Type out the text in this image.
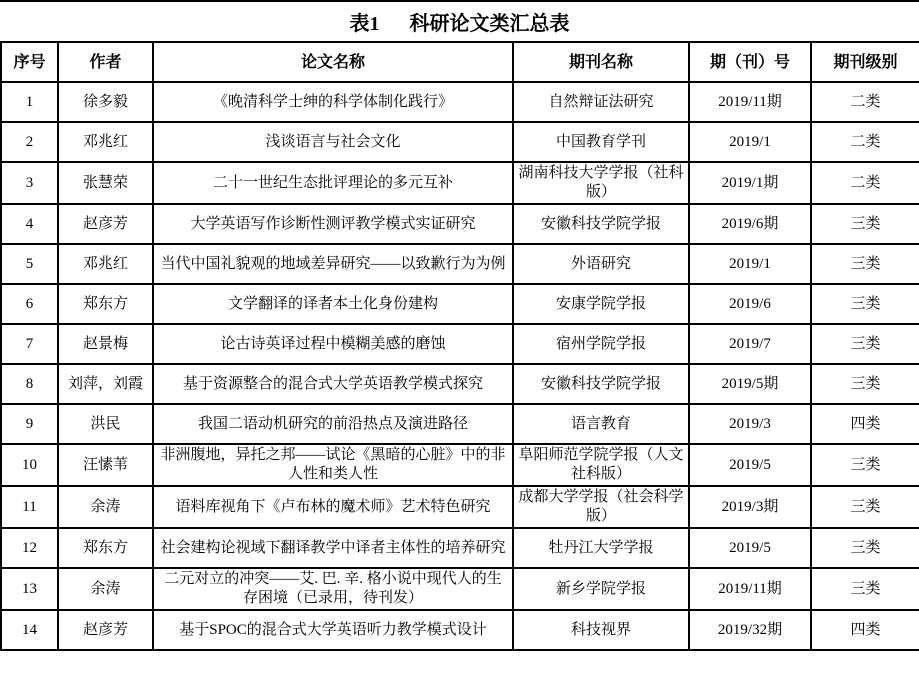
表1 科研论文类汇总表
序号	作者	论文名称	期刊名称	期（刊）号	期刊级别
1	徐多毅	《晚清科学士绅的科学体制化践行》	自然辩证法研究	2019/11期	二类
2	邓兆红	浅谈语言与社会文化	中国教育学刊	2019/1	二类
3	张慧荣	二十一世纪生态批评理论的多元互补	湖南科技大学学报（社科版）	2019/1期	二类
4	赵彦芳	大学英语写作诊断性测评教学模式实证研究	安徽科技学院学报	2019/6期	三类
5	邓兆红	当代中国礼貌观的地域差异研究——以致歉行为为例	外语研究	2019/1	三类
6	郑东方	文学翻译的译者本土化身份建构	安康学院学报	2019/6	三类
7	赵景梅	论古诗英译过程中模糊美感的磨蚀	宿州学院学报	2019/7	三类
8	刘萍，刘霞	基于资源整合的混合式大学英语教学模式探究	安徽科技学院学报	2019/5期	三类
9	洪民	我国二语动机研究的前沿热点及演进路径	语言教育	2019/3	四类
10	汪愫苇	非洲腹地，异托之邦——试论《黑暗的心脏》中的非人性和类人性	阜阳师范学院学报（人文社科版）	2019/5	三类
11	余涛	语料库视角下《卢布林的魔术师》艺术特色研究	成都大学学报（社会科学版）	2019/3期	三类
12	郑东方	社会建构论视域下翻译教学中译者主体性的培养研究	牡丹江大学学报	2019/5	三类
13	余涛	二元对立的冲突——艾. 巴. 辛. 格小说中现代人的生存困境（已录用，待刊发）	新乡学院学报	2019/11期	三类
14	赵彦芳	基于SPOC的混合式大学英语听力教学模式设计	科技视界	2019/32期	四类
